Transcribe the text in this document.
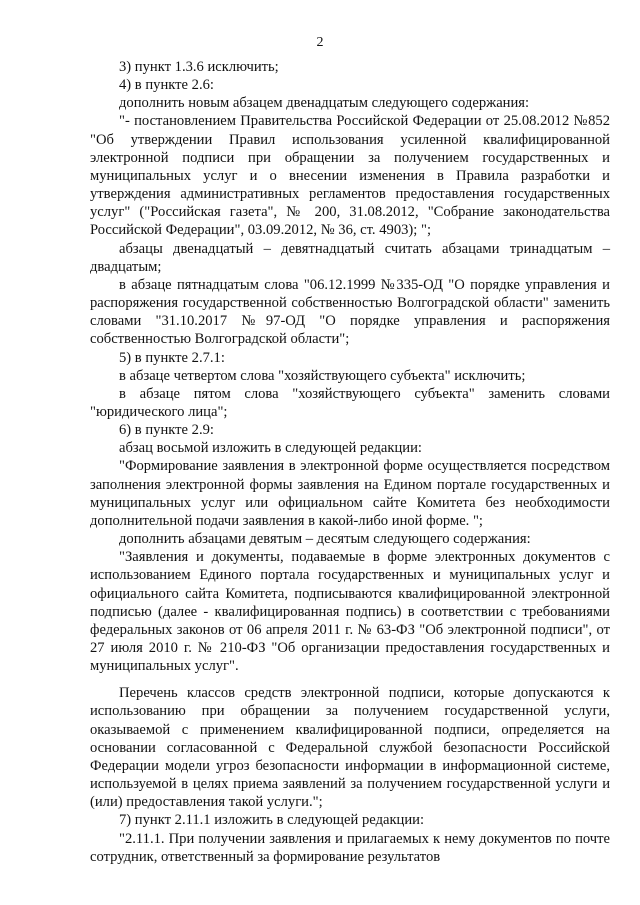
2

3) пункт 1.3.6 исключить;

4) в пункте 2.6:

дополнить новым абзацем двенадцатым следующего содержания:

"- постановлением Правительства Российской Федерации от 25.08.2012 №852 "Об утверждении Правил использования усиленной квалифицированной электронной подписи при обращении за получением государственных и муниципальных услуг и о внесении изменения в Правила разработки и утверждения административных регламентов предоставления государственных услуг" ("Российская газета", № 200, 31.08.2012, "Собрание законодательства Российской Федерации", 03.09.2012, № 36, ст. 4903); ";

абзацы двенадцатый – девятнадцатый считать абзацами тринадцатым – двадцатым;

в абзаце пятнадцатым слова "06.12.1999 №335-ОД "О порядке управления и распоряжения государственной собственностью Волгоградской области" заменить словами "31.10.2017 №97-ОД "О порядке управления и распоряжения собственностью Волгоградской области";

5) в пункте 2.7.1:

в абзаце четвертом слова "хозяйствующего субъекта" исключить;

в абзаце пятом слова "хозяйствующего субъекта" заменить словами "юридического лица";

6) в пункте 2.9:

абзац восьмой изложить в следующей редакции:

"Формирование заявления в электронной форме осуществляется посредством заполнения электронной формы заявления на Едином портале государственных и муниципальных услуг или официальном сайте Комитета без необходимости дополнительной подачи заявления в какой-либо иной форме. ";

дополнить абзацами девятым – десятым следующего содержания:

"Заявления и документы, подаваемые в форме электронных документов с использованием Единого портала государственных и муниципальных услуг и официального сайта Комитета, подписываются квалифицированной электронной подписью (далее - квалифицированная подпись) в соответствии с требованиями федеральных законов от 06 апреля 2011 г. № 63-ФЗ "Об электронной подписи", от 27 июля 2010 г. № 210-ФЗ "Об организации предоставления государственных и муниципальных услуг".

Перечень классов средств электронной подписи, которые допускаются к использованию при обращении за получением государственной услуги, оказываемой с применением квалифицированной подписи, определяется на основании согласованной с Федеральной службой безопасности Российской Федерации модели угроз безопасности информации в информационной системе, используемой в целях приема заявлений за получением государственной услуги и (или) предоставления такой услуги.";

7) пункт 2.11.1 изложить в следующей редакции:

"2.11.1. При получении заявления и прилагаемых к нему документов по почте сотрудник, ответственный за формирование результатов
